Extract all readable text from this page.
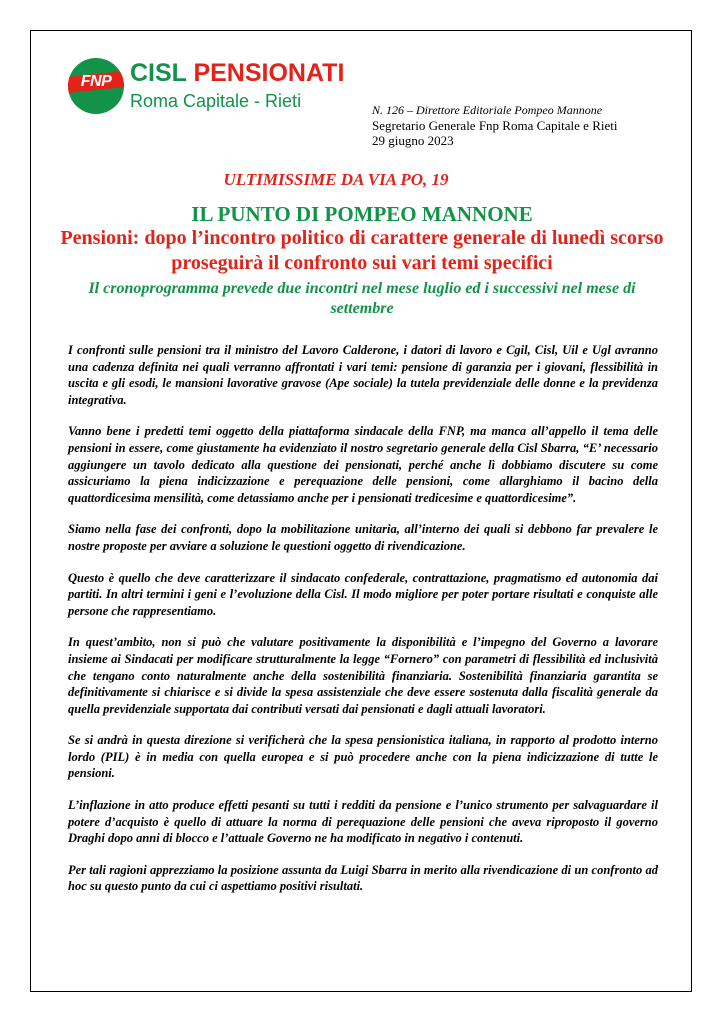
FNP CISL PENSIONATI
Roma Capitale - Rieti	N. 126 – Direttore Editoriale Pompeo Mannone
Segretario Generale Fnp Roma Capitale e Rieti
29 giugno 2023
ULTIMISSIME DA VIA PO, 19
IL PUNTO DI POMPEO MANNONE
Pensioni: dopo l’incontro politico di carattere generale di lunedì scorso proseguirà il confronto sui vari temi specifici
Il cronoprogramma prevede due incontri nel mese luglio ed i successivi nel mese di settembre

I confronti sulle pensioni tra il ministro del Lavoro Calderone, i datori di lavoro e Cgil, Cisl, Uil e Ugl avranno una cadenza definita nei quali verranno affrontati i vari temi: pensione di garanzia per i giovani, flessibilità in uscita e gli esodi, le mansioni lavorative gravose (Ape sociale) la tutela previdenziale delle donne e la previdenza integrativa.

Vanno bene i predetti temi oggetto della piattaforma sindacale della FNP, ma manca all’appello il tema delle pensioni in essere, come giustamente ha evidenziato il nostro segretario generale della Cisl Sbarra, “E’ necessario aggiungere un tavolo dedicato alla questione dei pensionati, perché anche lì dobbiamo discutere su come assicuriamo la piena indicizzazione e perequazione delle pensioni, come allarghiamo il bacino della quattordicesima mensilità, come detassiamo anche per i pensionati tredicesime e quattordicesime”.

Siamo nella fase dei confronti, dopo la mobilitazione unitaria, all’interno dei quali si debbono far prevalere le nostre proposte per avviare a soluzione le questioni oggetto di rivendicazione.

Questo è quello che deve caratterizzare il sindacato confederale, contrattazione, pragmatismo ed autonomia dai partiti. In altri termini i geni e l’evoluzione della Cisl. Il modo migliore per poter portare risultati e conquiste alle persone che rappresentiamo.

In quest’ambito, non si può che valutare positivamente la disponibilità e l’impegno del Governo a lavorare insieme ai Sindacati per modificare strutturalmente la legge “Fornero” con parametri di flessibilità ed inclusività che tengano conto naturalmente anche della sostenibilità finanziaria. Sostenibilità finanziaria garantita se definitivamente si chiarisce e si divide la spesa assistenziale che deve essere sostenuta dalla fiscalità generale da quella previdenziale supportata dai contributi versati dai pensionati e dagli attuali lavoratori.

Se si andrà in questa direzione si verificherà che la spesa pensionistica italiana, in rapporto al prodotto interno lordo (PIL) è in media con quella europea e si può procedere anche con la piena indicizzazione di tutte le pensioni.

L’inflazione in atto produce effetti pesanti su tutti i redditi da pensione e l’unico strumento per salvaguardare il potere d’acquisto è quello di attuare la norma di perequazione delle pensioni che aveva riproposto il governo Draghi dopo anni di blocco e l’attuale Governo ne ha modificato in negativo i contenuti.

Per tali ragioni apprezziamo la posizione assunta da Luigi Sbarra in merito alla rivendicazione di un confronto ad hoc su questo punto da cui ci aspettiamo positivi risultati.
